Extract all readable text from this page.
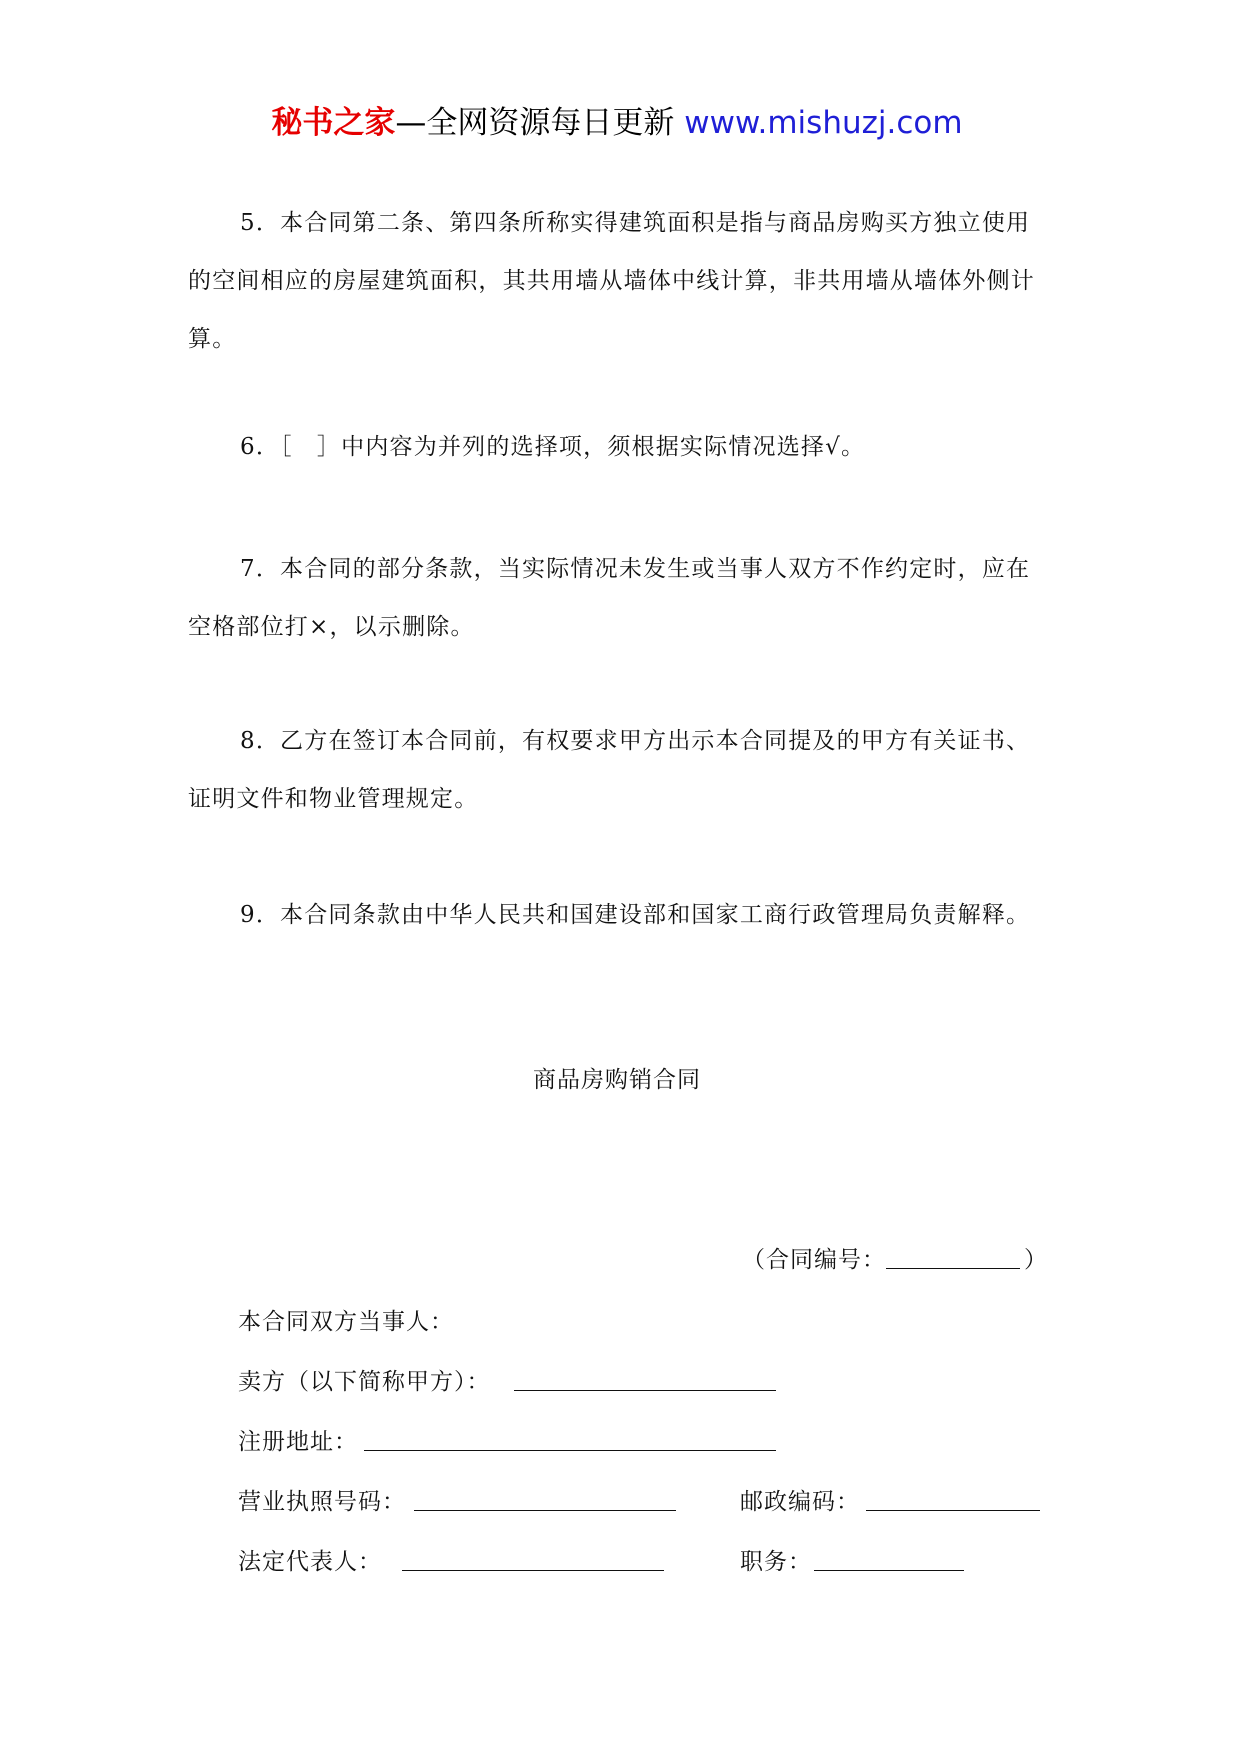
秘书之家—全网资源每日更新 www.mishuzj.com

5．本合同第二条、第四条所称实得建筑面积是指与商品房购买方独立使用的空间相应的房屋建筑面积，其共用墙从墙体中线计算，非共用墙从墙体外侧计算。

6．［　］中内容为并列的选择项，须根据实际情况选择√。

7．本合同的部分条款，当实际情况未发生或当事人双方不作约定时，应在空格部位打×，以示删除。

8．乙方在签订本合同前，有权要求甲方出示本合同提及的甲方有关证书、证明文件和物业管理规定。

9．本合同条款由中华人民共和国建设部和国家工商行政管理局负责解释。

商品房购销合同
（合同编号：	）
本合同双方当事人：
卖方（以下简称甲方）：
注册地址：
营业执照号码：	邮政编码：
法定代表人：	职务：
